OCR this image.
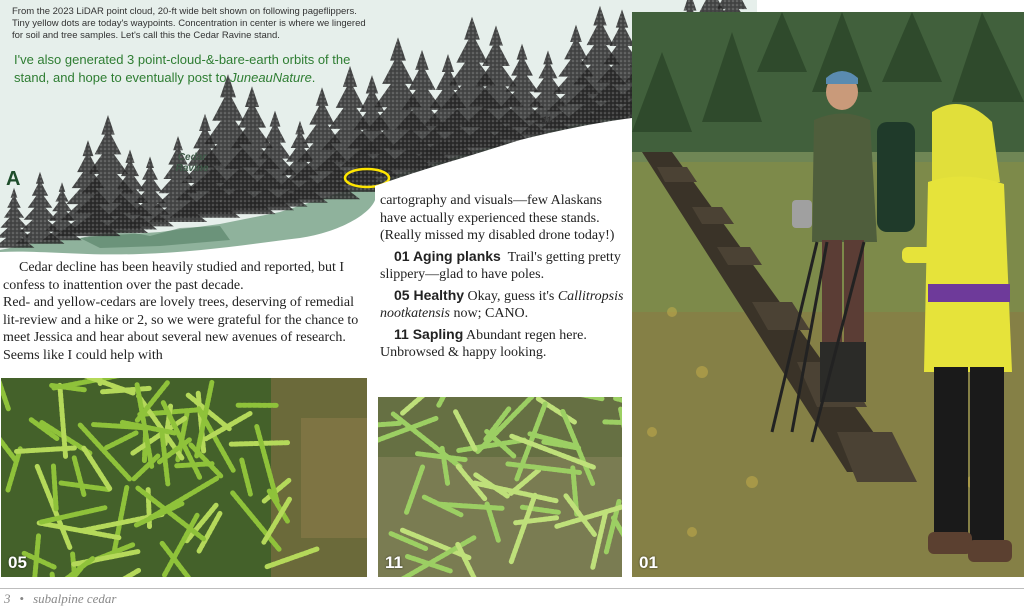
From the 2023 LiDAR point cloud, 20-ft wide belt shown on following pageflippers.
Tiny yellow dots are today's waypoints. Concentration in center is where we lingered
for soil and tree samples. Let's call this the Cedar Ravine stand.
I've also generated 3 point-cloud-&-bare-earth orbits of the stand, and hope to eventually post to JuneauNature.
A
Cedar
Ravine
11

Cedar decline has been heavily studied and reported, but I confess to inattention over the past decade.

Red- and yellow-cedars are lovely trees, deserving of remedial lit-review and a hike or 2, so we were grateful for the chance to meet Jessica and hear about several new avenues of research. Seems like I could help with

cartography and visuals—few Alaskans have actually experienced these stands. (Really missed my disabled drone today!)

01 Aging planks Trail's getting pretty slippery—glad to have poles.

05 Healthy Okay, guess it's Callitropsis nootkatensis now; CANO.

11 Sapling Abundant regen here. Unbrowsed & happy looking.

05	11	01
3 • subalpine cedar
